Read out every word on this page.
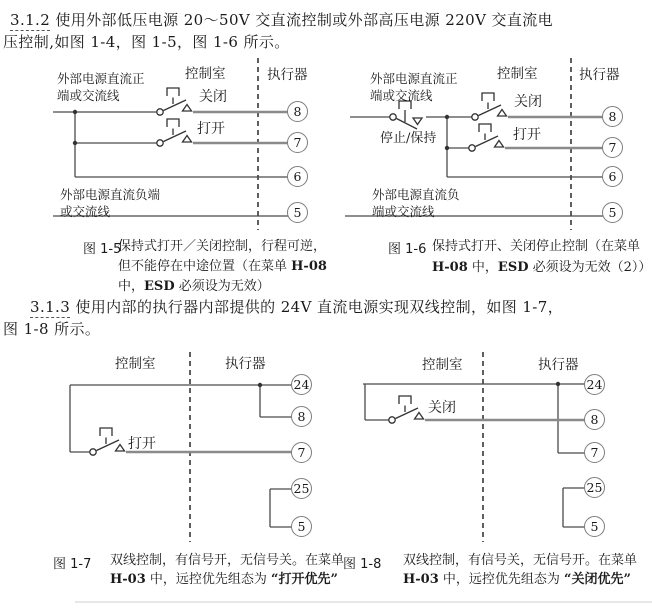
3.1.2 使用外部低压电源 20～50V 交直流控制或外部高压电源 220V 交直流电
压控制,如图 1-4，图 1-5，图 1-6 所示。
3.1.3 使用内部的执行器内部提供的 24V 直流电源实现双线控制，如图 1-7，
图 1-8 所示。
外部电源直流正
端或交流线
控制室	执行器
关闭
打开
外部电源直流负端
或交流线
8
7
6
5
外部电源直流正
端或交流线
控制室	执行器
停止/保持
关闭
打开
外部电源直流负
端或交流线
8
7
6
5
控制室	执行器
打开
24
8
7
25
5
控制室	执行器
关闭
24
8
7
25
5
图 1-5
保持式打开／关闭控制，行程可逆，
但不能停在中途位置（在菜单 H-08
中，ESD 必须设为无效）
图 1-6 保持式打开、关闭停止控制（在菜单
H-08 中，ESD 必须设为无效（2））
图 1-7 双线控制，有信号开，无信号关。在菜单
H-03 中，远控优先组态为 “打开优先”
图 1-8 双线控制，有信号关，无信号开。在菜单
H-03 中，远控优先组态为 “关闭优先”
